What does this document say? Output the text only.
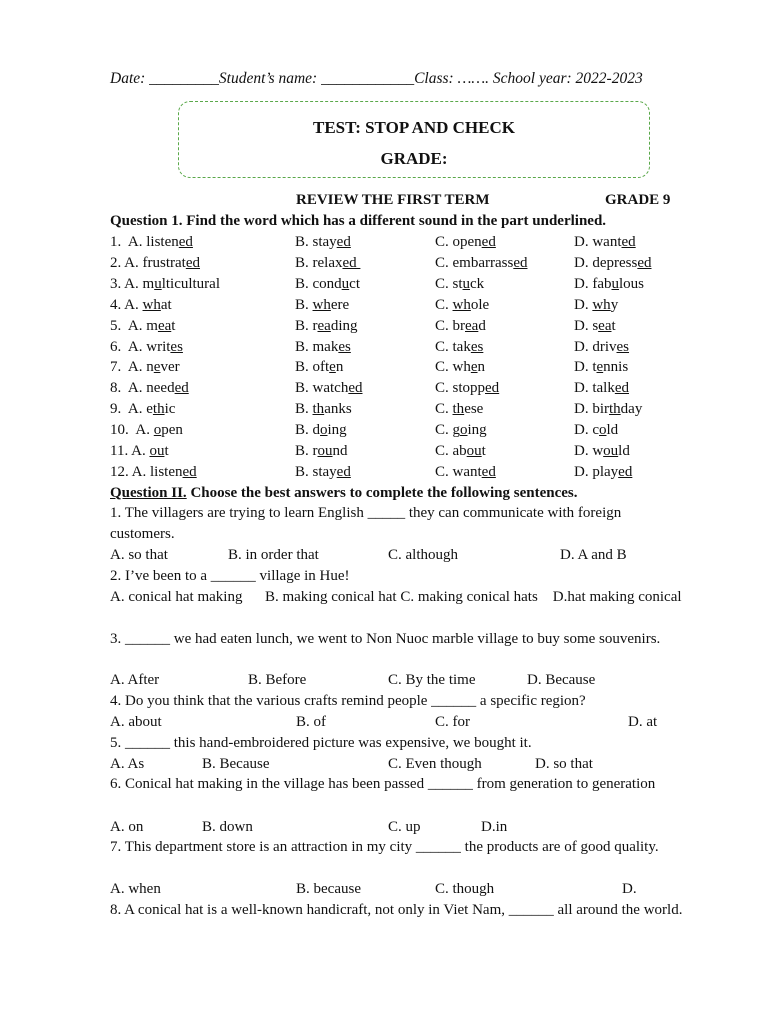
Date: _________Student’s name: ____________Class: ……. School year: 2022-2023
TEST: STOP AND CHECK
GRADE:
REVIEW THE FIRST TERM	GRADE 9
Question 1. Find the word which has a different sound in the part underlined.
1.  A. listened	B. stayed	C. opened	D. wanted
2. A. frustrated	B. relaxed	C. embarrassed	D. depressed
3. A. multicultural	B. conduct	C. stuck	D. fabulous
4. A. what	B. where	C. whole	D. why
5.  A. meat	B. reading	C. bread	D. seat
6.  A. writes	B. makes	C. takes	D. drives
7.  A. never	B. often	C. when	D. tennis
8.  A. needed	B. watched	C. stopped	D. talked
9.  A. ethic	B. thanks	C. these	D. birthday
10.  A. open	B. doing	C. going	D. cold
11. A. out	B. round	C. about	D. would
12. A. listened	B. stayed	C. wanted	D. played
Question II. Choose the best answers to complete the following sentences.
1. The villagers are trying to learn English _____ they can communicate with foreign customers.
A. so that	B. in order that	C. although	D. A and B
2. I’ve been to a ______ village in Hue!
A. conical hat making      B. making conical hat C. making conical hats    D.hat making conical
3. ______ we had eaten lunch, we went to Non Nuoc marble village to buy some souvenirs.
A. After	B. Before	C. By the time	D. Because
4. Do you think that the various crafts remind people ______ a specific region?
A. about	B. of	C. for	D. at
5. ______ this hand-embroidered picture was expensive, we bought it.
A. As	B. Because	C. Even though	D. so that
6. Conical hat making in the village has been passed ______ from generation to generation
A. on	B. down	C. up	D.in
7. This department store is an attraction in my city ______ the products are of good quality.
A. when	B. because	C. though	D.
8. A conical hat is a well-known handicraft, not only in Viet Nam, ______ all around the world.
